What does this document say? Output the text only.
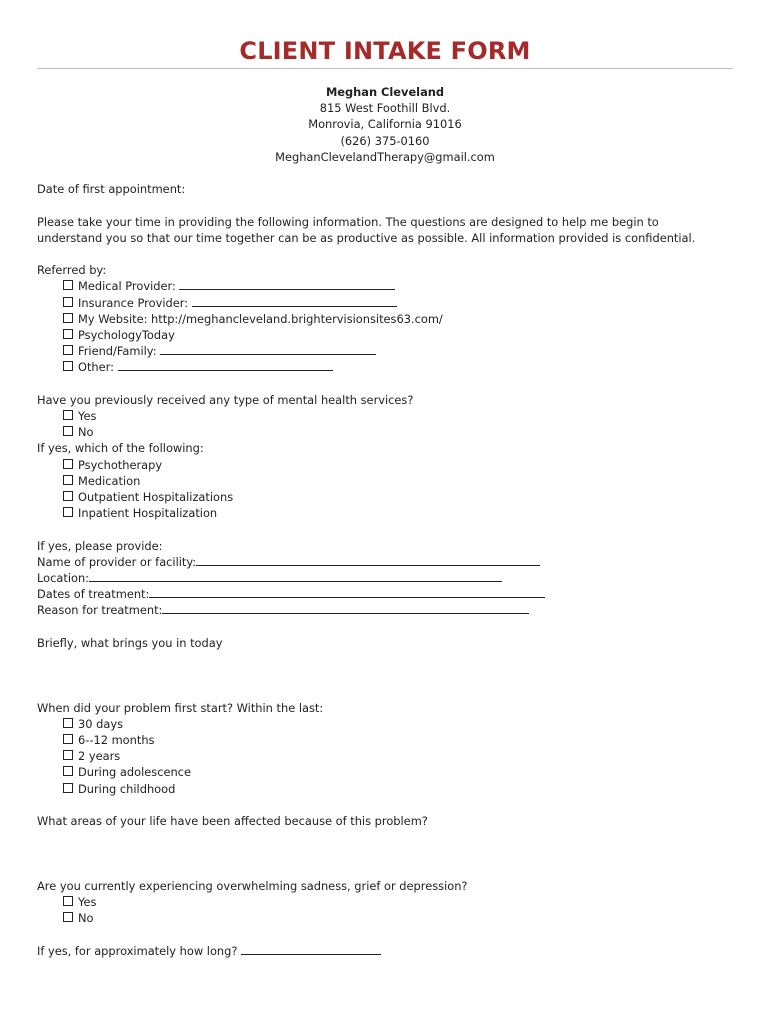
CLIENT INTAKE FORM
Meghan Cleveland
815 West Foothill Blvd.
Monrovia, California 91016
(626) 375-0160
MeghanClevelandTherapy@gmail.com
Date of first appointment:
Please take your time in providing the following information. The questions are designed to help me begin to understand you so that our time together can be as productive as possible. All information provided is confidential.
Referred by:
Medical Provider:
Insurance Provider:
My Website: http://meghancleveland.brightervisionsites63.com/
PsychologyToday
Friend/Family:
Other:
Have you previously received any type of mental health services?
Yes
No
If yes, which of the following:
Psychotherapy
Medication
Outpatient Hospitalizations
Inpatient Hospitalization
If yes, please provide:
Name of provider or facility:
Location:
Dates of treatment:
Reason for treatment:
Briefly, what brings you in today
When did your problem first start? Within the last:
30 days
6--12 months
2 years
During adolescence
During childhood
What areas of your life have been affected because of this problem?
Are you currently experiencing overwhelming sadness, grief or depression?
Yes
No
If yes, for approximately how long?
